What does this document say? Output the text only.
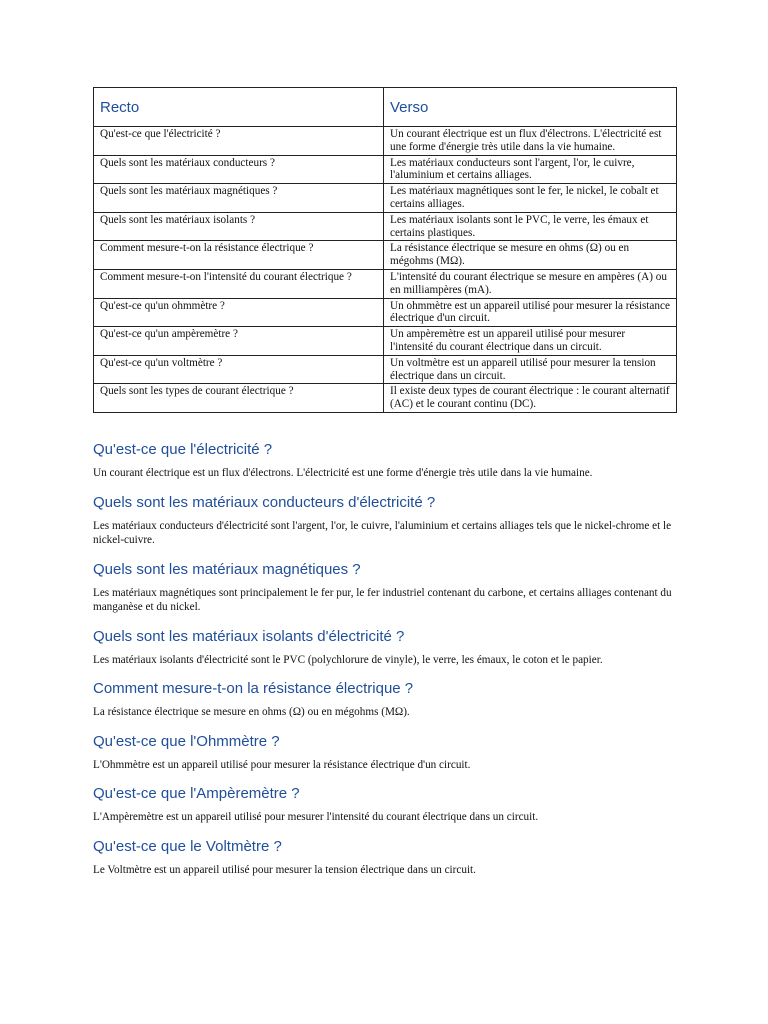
Recto	Verso
Qu'est-ce que l'électricité ?	Un courant électrique est un flux d'électrons. L'électricité est une forme d'énergie très utile dans la vie humaine.
Quels sont les matériaux conducteurs ?	Les matériaux conducteurs sont l'argent, l'or, le cuivre, l'aluminium et certains alliages.
Quels sont les matériaux magnétiques ?	Les matériaux magnétiques sont le fer, le nickel, le cobalt et certains alliages.
Quels sont les matériaux isolants ?	Les matériaux isolants sont le PVC, le verre, les émaux et certains plastiques.
Comment mesure-t-on la résistance électrique ?	La résistance électrique se mesure en ohms (Ω) ou en mégohms (MΩ).
Comment mesure-t-on l'intensité du courant électrique ?	L'intensité du courant électrique se mesure en ampères (A) ou en milliampères (mA).
Qu'est-ce qu'un ohmmètre ?	Un ohmmètre est un appareil utilisé pour mesurer la résistance électrique d'un circuit.
Qu'est-ce qu'un ampèremètre ?	Un ampèremètre est un appareil utilisé pour mesurer l'intensité du courant électrique dans un circuit.
Qu'est-ce qu'un voltmètre ?	Un voltmètre est un appareil utilisé pour mesurer la tension électrique dans un circuit.
Quels sont les types de courant électrique ?	Il existe deux types de courant électrique : le courant alternatif (AC) et le courant continu (DC).
Qu'est-ce que l'électricité ?

Un courant électrique est un flux d'électrons. L'électricité est une forme d'énergie très utile dans la vie humaine.

Quels sont les matériaux conducteurs d'électricité ?

Les matériaux conducteurs d'électricité sont l'argent, l'or, le cuivre, l'aluminium et certains alliages tels que le nickel-chrome et le nickel-cuivre.

Quels sont les matériaux magnétiques ?

Les matériaux magnétiques sont principalement le fer pur, le fer industriel contenant du carbone, et certains alliages contenant du manganèse et du nickel.

Quels sont les matériaux isolants d'électricité ?

Les matériaux isolants d'électricité sont le PVC (polychlorure de vinyle), le verre, les émaux, le coton et le papier.

Comment mesure-t-on la résistance électrique ?

La résistance électrique se mesure en ohms (Ω) ou en mégohms (MΩ).

Qu'est-ce que l'Ohmmètre ?

L'Ohmmètre est un appareil utilisé pour mesurer la résistance électrique d'un circuit.

Qu'est-ce que l'Ampèremètre ?

L'Ampèremètre est un appareil utilisé pour mesurer l'intensité du courant électrique dans un circuit.

Qu'est-ce que le Voltmètre ?

Le Voltmètre est un appareil utilisé pour mesurer la tension électrique dans un circuit.
